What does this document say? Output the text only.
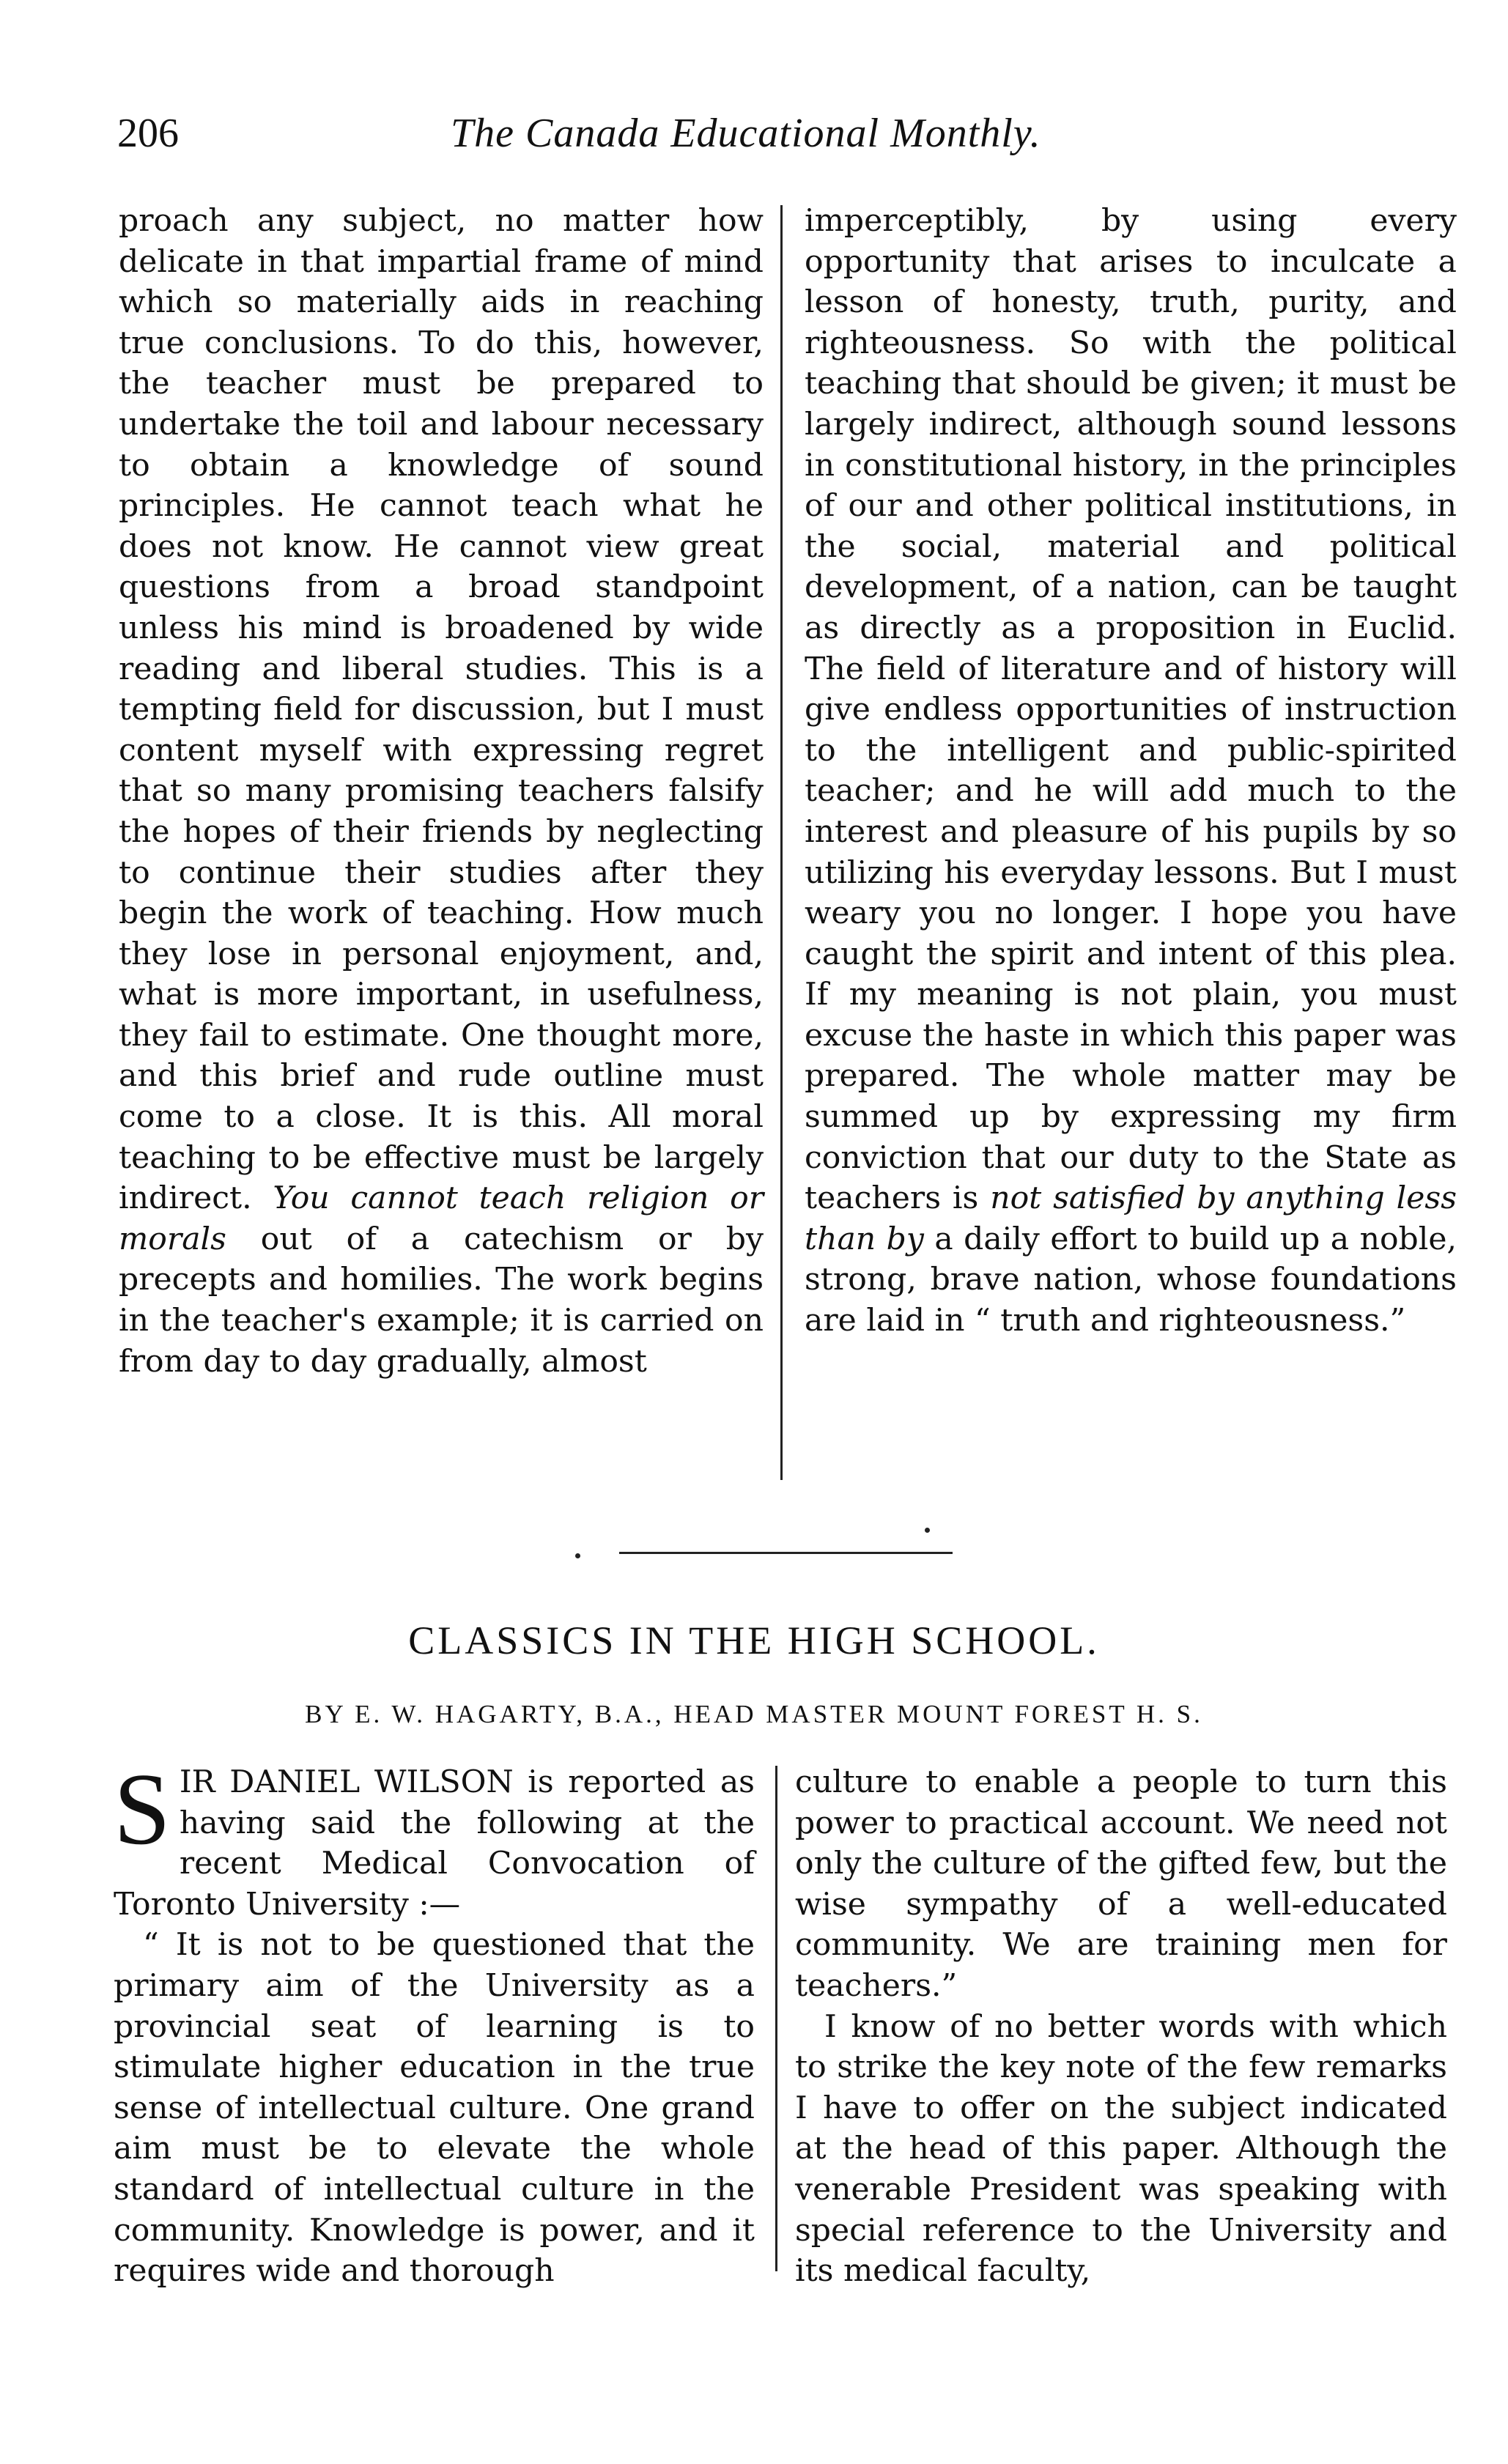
206	The Canada Educational Monthly.

proach any subject, no matter how delicate in that impartial frame of mind which so materially aids in reaching true conclusions. To do this, however, the teacher must be prepared to undertake the toil and labour necessary to obtain a knowledge of sound principles. He cannot teach what he does not know. He cannot view great questions from a broad standpoint unless his mind is broadened by wide reading and liberal studies. This is a tempting field for discussion, but I must content myself with expressing regret that so many promising teachers falsify the hopes of their friends by neglecting to continue their studies after they begin the work of teaching. How much they lose in personal enjoyment, and, what is more important, in usefulness, they fail to estimate. One thought more, and this brief and rude outline must come to a close. It is this. All moral teaching to be effective must be largely indirect. You cannot teach religion or morals out of a catechism or by precepts and homilies. The work begins in the teacher's example; it is carried on from day to day gradually, almost

imperceptibly, by using every opportunity that arises to inculcate a lesson of honesty, truth, purity, and righteousness. So with the political teaching that should be given; it must be largely indirect, although sound lessons in constitutional history, in the principles of our and other political institutions, in the social, material and political development, of a nation, can be taught as directly as a proposition in Euclid. The field of literature and of history will give endless opportunities of instruction to the intelligent and public-spirited teacher; and he will add much to the interest and pleasure of his pupils by so utilizing his everyday lessons. But I must weary you no longer. I hope you have caught the spirit and intent of this plea. If my meaning is not plain, you must excuse the haste in which this paper was prepared. The whole matter may be summed up by expressing my firm conviction that our duty to the State as teachers is not satisfied by anything less than by a daily effort to build up a noble, strong, brave nation, whose foundations are laid in “ truth and righteousness.”

CLASSICS IN THE HIGH SCHOOL.
BY E. W. HAGARTY, B.A., HEAD MASTER MOUNT FOREST H. S.

S IR DANIEL WILSON is reported as having said the following at the recent Medical Convocation of Toronto University :—

“ It is not to be questioned that the primary aim of the University as a provincial seat of learning is to stimulate higher education in the true sense of intellectual culture. One grand aim must be to elevate the whole standard of intellectual culture in the community. Knowledge is power, and it requires wide and thorough

culture to enable a people to turn this power to practical account. We need not only the culture of the gifted few, but the wise sympathy of a well-educated community. We are training men for teachers.”

I know of no better words with which to strike the key note of the few remarks I have to offer on the subject indicated at the head of this paper. Although the venerable President was speaking with special reference to the University and its medical faculty,
